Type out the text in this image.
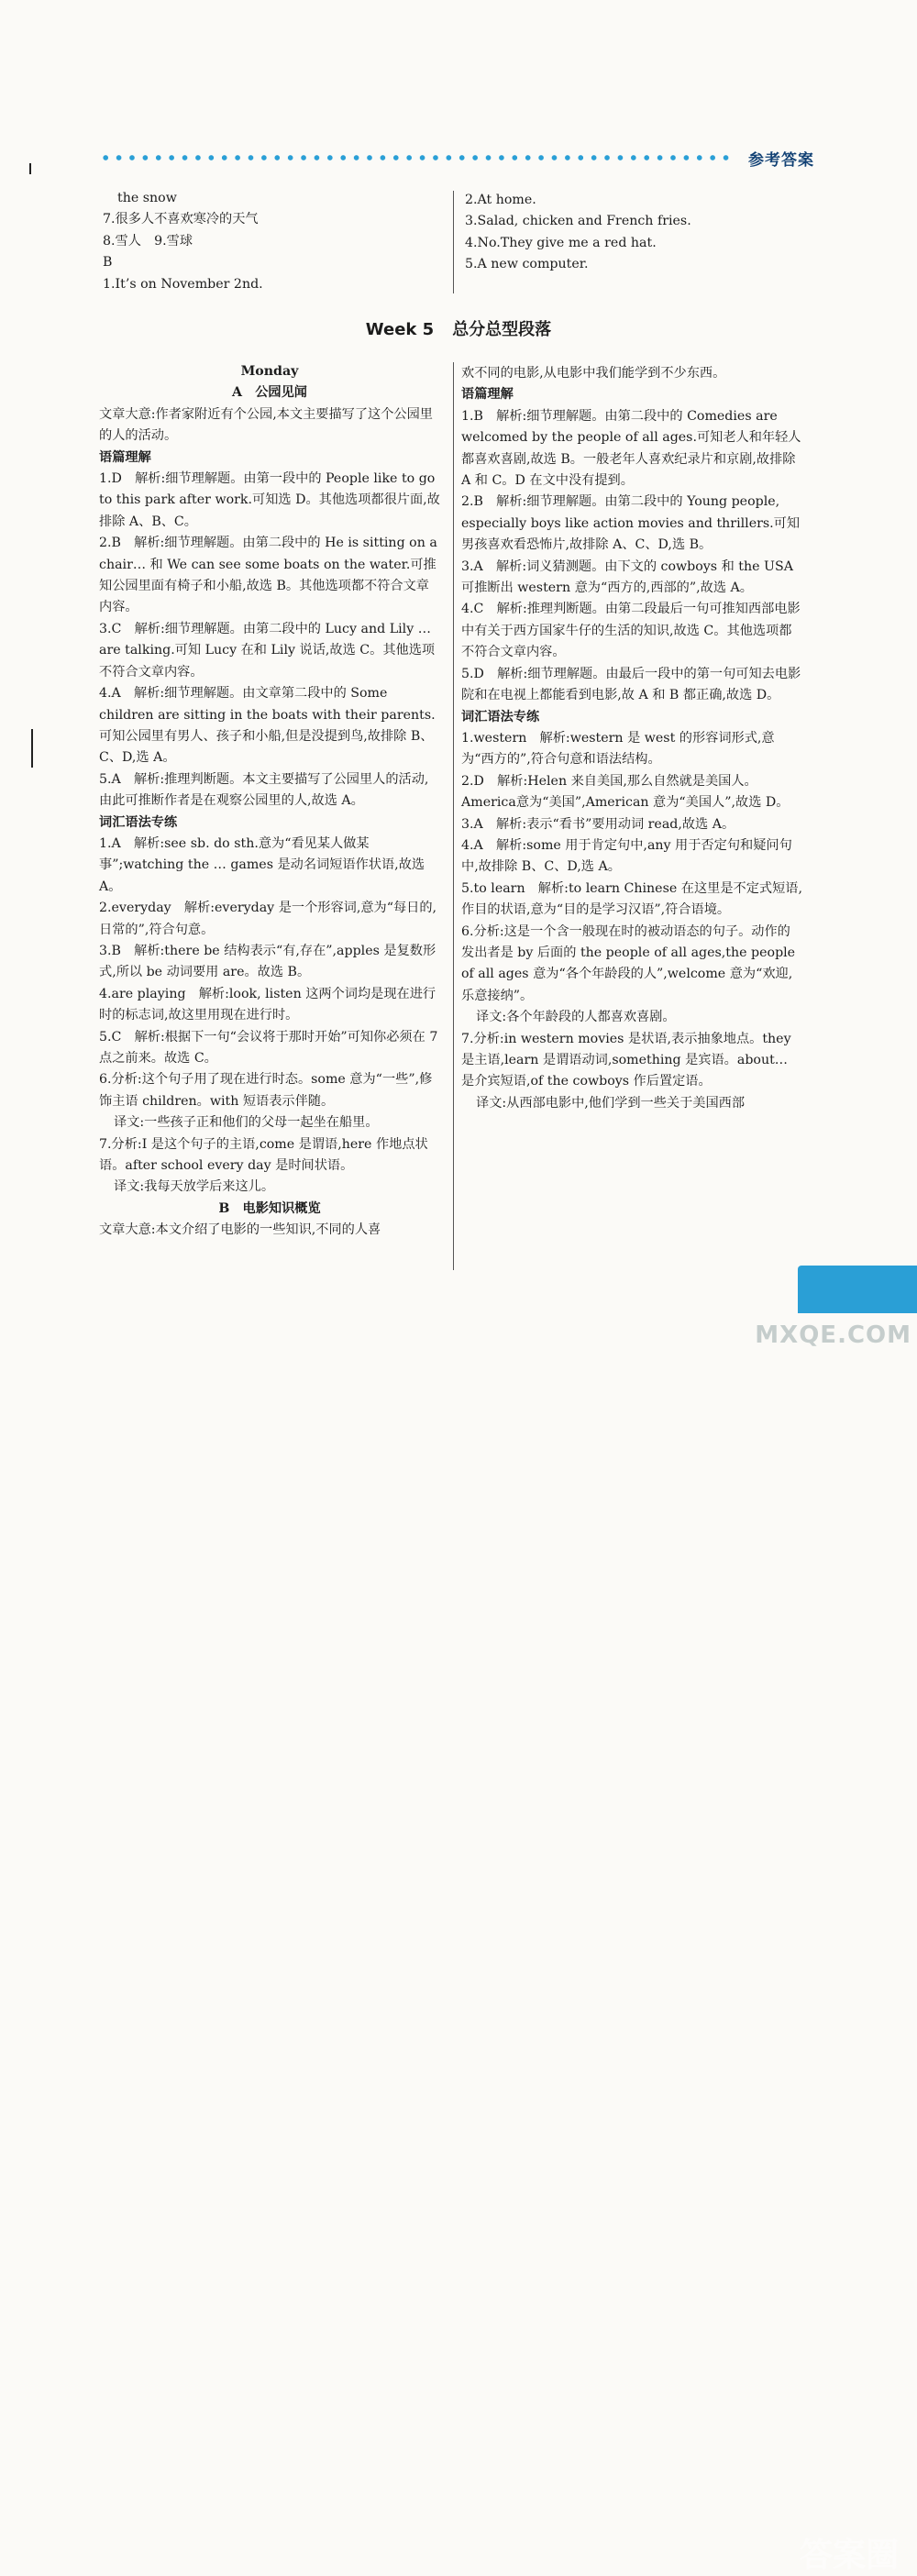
参考答案

the snow

7.很多人不喜欢寒冷的天气

8.雪人　9.雪球

B

1.It’s on November 2nd.

2.At home.

3.Salad, chicken and French fries.

4.No.They give me a red hat.

5.A new computer.

Week 5 总分总型段落

Monday

A　公园见闻

文章大意:作者家附近有个公园,本文主要描写了这个公园里的人的活动。

语篇理解

1.D　解析:细节理解题。由第一段中的 People like to go to this park after work.可知选 D。其他选项都很片面,故排除 A、B、C。

2.B　解析:细节理解题。由第二段中的 He is sitting on a chair… 和 We can see some boats on the water.可推知公园里面有椅子和小船,故选 B。其他选项都不符合文章内容。

3.C　解析:细节理解题。由第二段中的 Lucy and Lily … are talking.可知 Lucy 在和 Lily 说话,故选 C。其他选项不符合文章内容。

4.A　解析:细节理解题。由文章第二段中的 Some children are sitting in the boats with their parents.可知公园里有男人、孩子和小船,但是没提到鸟,故排除 B、C、D,选 A。

5.A　解析:推理判断题。本文主要描写了公园里人的活动,由此可推断作者是在观察公园里的人,故选 A。

词汇语法专练

1.A　解析:see sb. do sth.意为“看见某人做某事”;watching the … games 是动名词短语作状语,故选 A。

2.everyday　解析:everyday 是一个形容词,意为“每日的,日常的”,符合句意。

3.B　解析:there be 结构表示“有,存在”,apples 是复数形式,所以 be 动词要用 are。故选 B。

4.are playing　解析:look, listen 这两个词均是现在进行时的标志词,故这里用现在进行时。

5.C　解析:根据下一句“会议将于那时开始”可知你必须在 7 点之前来。故选 C。

6.分析:这个句子用了现在进行时态。some 意为“一些”,修饰主语 children。with 短语表示伴随。

译文:一些孩子正和他们的父母一起坐在船里。

7.分析:I 是这个句子的主语,come 是谓语,here 作地点状语。after school every day 是时间状语。

译文:我每天放学后来这儿。

B　电影知识概览

文章大意:本文介绍了电影的一些知识,不同的人喜

欢不同的电影,从电影中我们能学到不少东西。

语篇理解

1.B　解析:细节理解题。由第二段中的 Comedies are welcomed by the people of all ages.可知老人和年轻人都喜欢喜剧,故选 B。一般老年人喜欢纪录片和京剧,故排除 A 和 C。D 在文中没有提到。

2.B　解析:细节理解题。由第二段中的 Young people, especially boys like action movies and thrillers.可知男孩喜欢看恐怖片,故排除 A、C、D,选 B。

3.A　解析:词义猜测题。由下文的 cowboys 和 the USA 可推断出 western 意为“西方的,西部的”,故选 A。

4.C　解析:推理判断题。由第二段最后一句可推知西部电影中有关于西方国家牛仔的生活的知识,故选 C。其他选项都不符合文章内容。

5.D　解析:细节理解题。由最后一段中的第一句可知去电影院和在电视上都能看到电影,故 A 和 B 都正确,故选 D。

词汇语法专练

1.western　解析:western 是 west 的形容词形式,意为“西方的”,符合句意和语法结构。

2.D　解析:Helen 来自美国,那么自然就是美国人。America意为“美国”,American 意为“美国人”,故选 D。

3.A　解析:表示“看书”要用动词 read,故选 A。

4.A　解析:some 用于肯定句中,any 用于否定句和疑问句中,故排除 B、C、D,选 A。

5.to learn　解析:to learn Chinese 在这里是不定式短语,作目的状语,意为“目的是学习汉语”,符合语境。

6.分析:这是一个含一般现在时的被动语态的句子。动作的发出者是 by 后面的 the people of all ages,the people of all ages 意为“各个年龄段的人”,welcome 意为“欢迎,乐意接纳”。

译文:各个年龄段的人都喜欢喜剧。

7.分析:in western movies 是状语,表示抽象地点。they 是主语,learn 是谓语动词,something 是宾语。about… 是介宾短语,of the cowboys 作后置定语。

译文:从西部电影中,他们学到一些关于美国西部

答案圈
MXQE.COM
